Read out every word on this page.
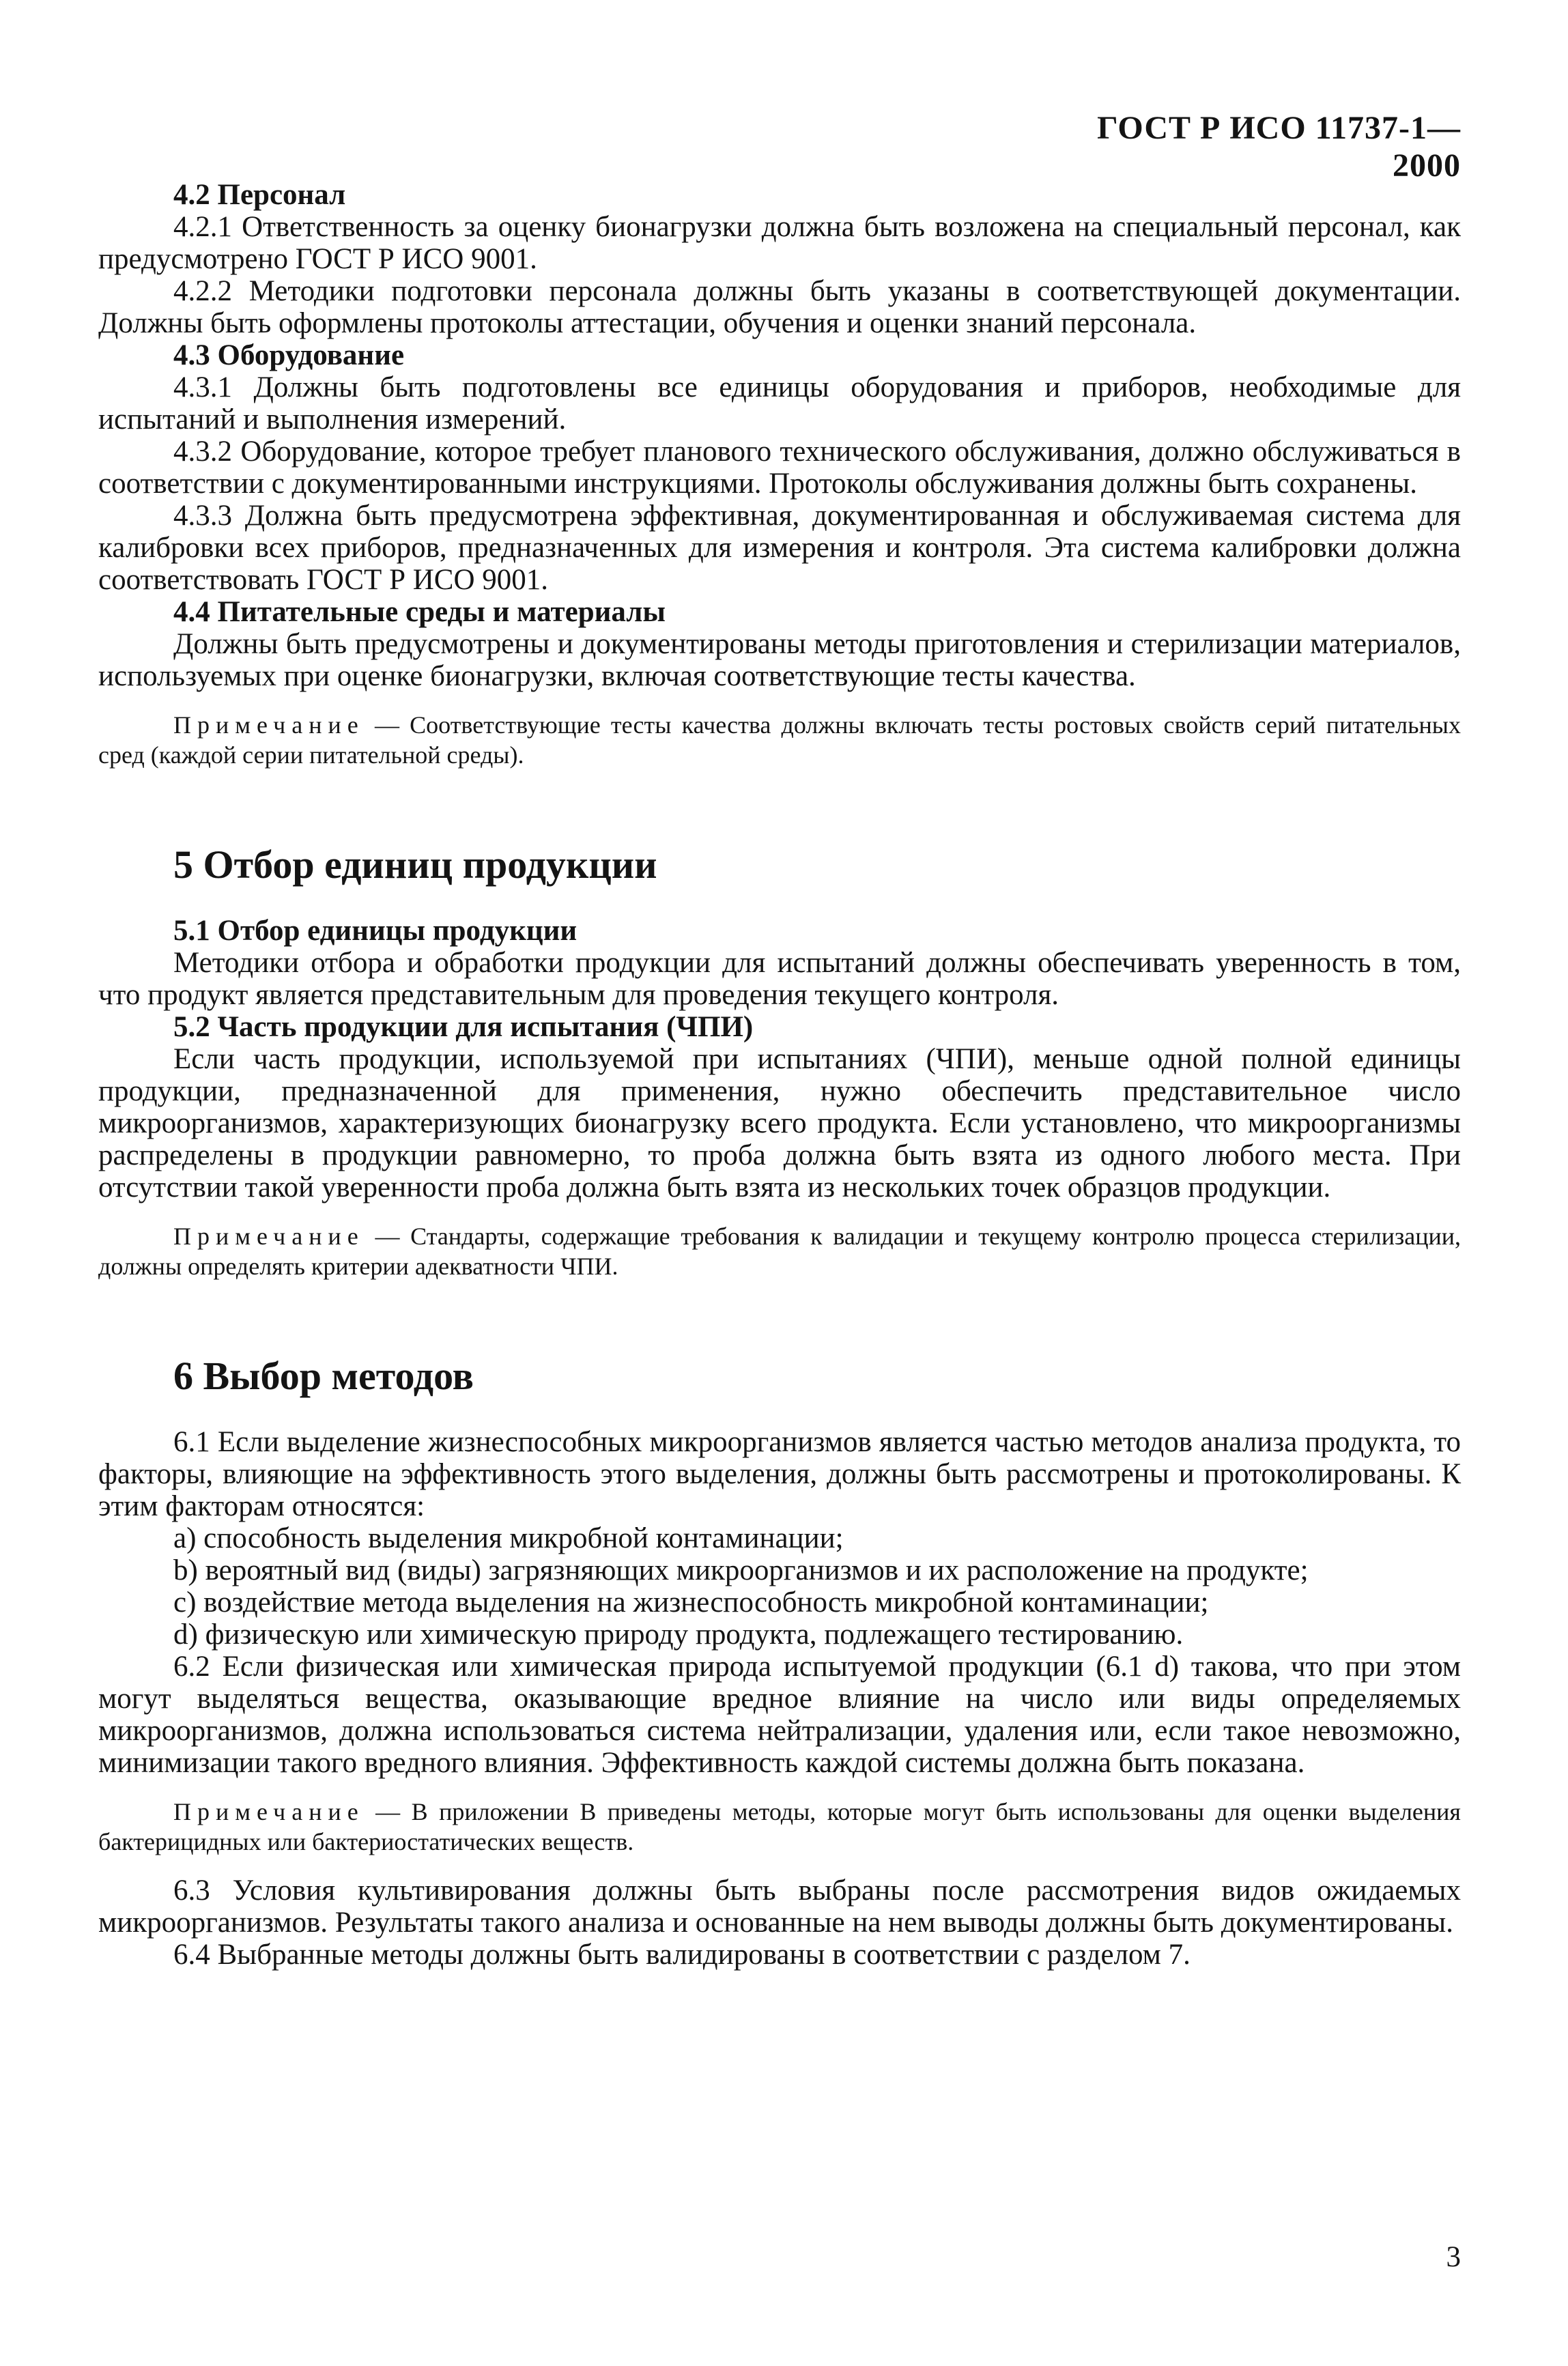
ГОСТ Р ИСО 11737-1—2000
4.2 Персонал

4.2.1 Ответственность за оценку бионагрузки должна быть возложена на специальный персонал, как предусмотрено ГОСТ Р ИСО 9001.

4.2.2 Методики подготовки персонала должны быть указаны в соответствующей документации. Должны быть оформлены протоколы аттестации, обучения и оценки знаний персонала.

4.3 Оборудование

4.3.1 Должны быть подготовлены все единицы оборудования и приборов, необходимые для испытаний и выполнения измерений.

4.3.2 Оборудование, которое требует планового технического обслуживания, должно обслуживаться в соответствии с документированными инструкциями. Протоколы обслуживания должны быть сохранены.

4.3.3 Должна быть предусмотрена эффективная, документированная и обслуживаемая система для калибровки всех приборов, предназначенных для измерения и контроля. Эта система калибровки должна соответствовать ГОСТ Р ИСО 9001.

4.4 Питательные среды и материалы

Должны быть предусмотрены и документированы методы приготовления и стерилизации материалов, используемых при оценке бионагрузки, включая соответствующие тесты качества.

Примечание — Соответствующие тесты качества должны включать тесты ростовых свойств серий питательных сред (каждой серии питательной среды).

5 Отбор единиц продукции
5.1 Отбор единицы продукции

Методики отбора и обработки продукции для испытаний должны обеспечивать уверенность в том, что продукт является представительным для проведения текущего контроля.

5.2 Часть продукции для испытания (ЧПИ)

Если часть продукции, используемой при испытаниях (ЧПИ), меньше одной полной единицы продукции, предназначенной для применения, нужно обеспечить представительное число микроорганизмов, характеризующих бионагрузку всего продукта. Если установлено, что микроорганизмы распределены в продукции равномерно, то проба должна быть взята из одного любого места. При отсутствии такой уверенности проба должна быть взята из нескольких точек образцов продукции.

Примечание — Стандарты, содержащие требования к валидации и текущему контролю процесса стерилизации, должны определять критерии адекватности ЧПИ.

6 Выбор методов

6.1 Если выделение жизнеспособных микроорганизмов является частью методов анализа продукта, то факторы, влияющие на эффективность этого выделения, должны быть рассмотрены и протоколированы. К этим факторам относятся:

a) способность выделения микробной контаминации;

b) вероятный вид (виды) загрязняющих микроорганизмов и их расположение на продукте;

c) воздействие метода выделения на жизнеспособность микробной контаминации;

d) физическую или химическую природу продукта, подлежащего тестированию.

6.2 Если физическая или химическая природа испытуемой продукции (6.1 d) такова, что при этом могут выделяться вещества, оказывающие вредное влияние на число или виды определяемых микроорганизмов, должна использоваться система нейтрализации, удаления или, если такое невозможно, минимизации такого вредного влияния. Эффективность каждой системы должна быть показана.

Примечание — В приложении В приведены методы, которые могут быть использованы для оценки выделения бактерицидных или бактериостатических веществ.

6.3 Условия культивирования должны быть выбраны после рассмотрения видов ожидаемых микроорганизмов. Результаты такого анализа и основанные на нем выводы должны быть документированы.

6.4 Выбранные методы должны быть валидированы в соответствии с разделом 7.

3
